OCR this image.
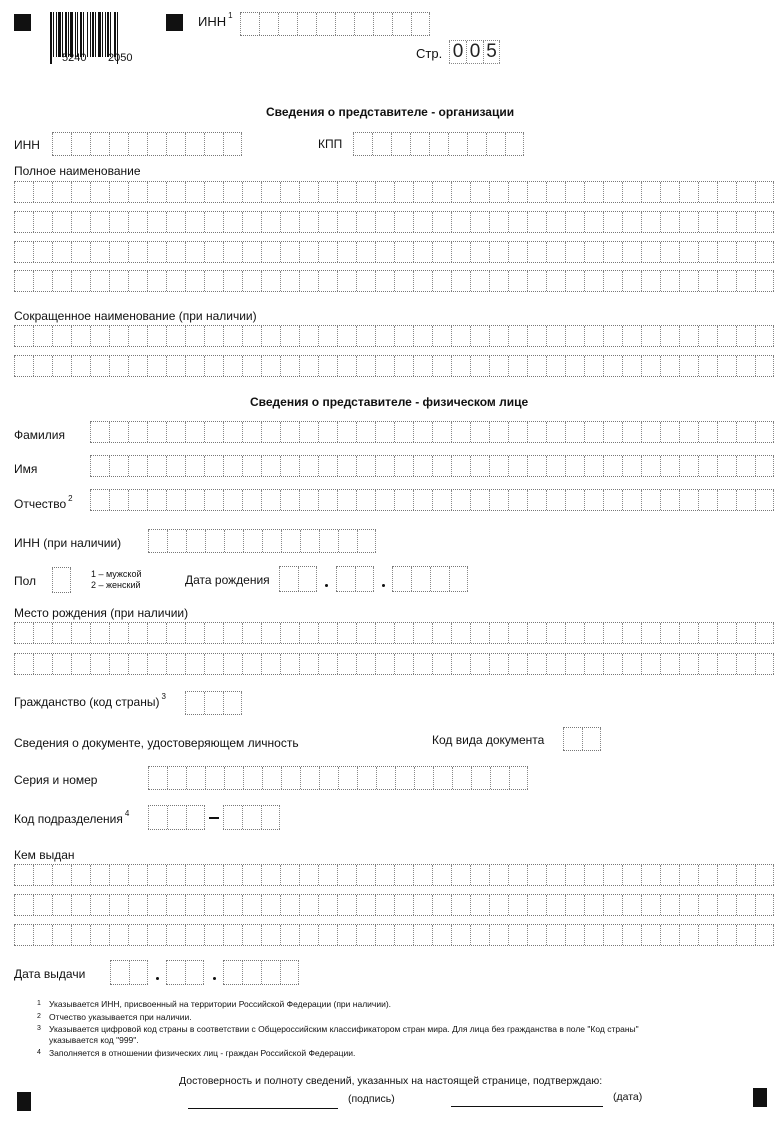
5240 2050
ИНН $^1$
Стр. 0 0 5
Сведения о представителе - организации
ИНН	КПП
Полное наименование
Сокращенное наименование (при наличии)
Сведения о представителе - физическом лице
Фамилия
Имя
Отчество $^2$
ИНН (при наличии)
Пол	1 – мужской
2 – женский	Дата рождения
Место рождения (при наличии)
Гражданство (код страны) $^3$
Сведения о документе, удостоверяющем личность	Код вида документа
Серия и номер
Код подразделения $^4$
Кем выдан
Дата выдачи
1 Указывается ИНН, присвоенный на территории Российской Федерации (при наличии).
2 Отчество указывается при наличии.
3 Указывается цифровой код страны в соответствии с Общероссийским классификатором стран мира. Для лица без гражданства в поле "Код страны"
указывается код "999".
4 Заполняется в отношении физических лиц - граждан Российской Федерации.
Достоверность и полноту сведений, указанных на настоящей странице, подтверждаю:
(подпись)	(дата)
